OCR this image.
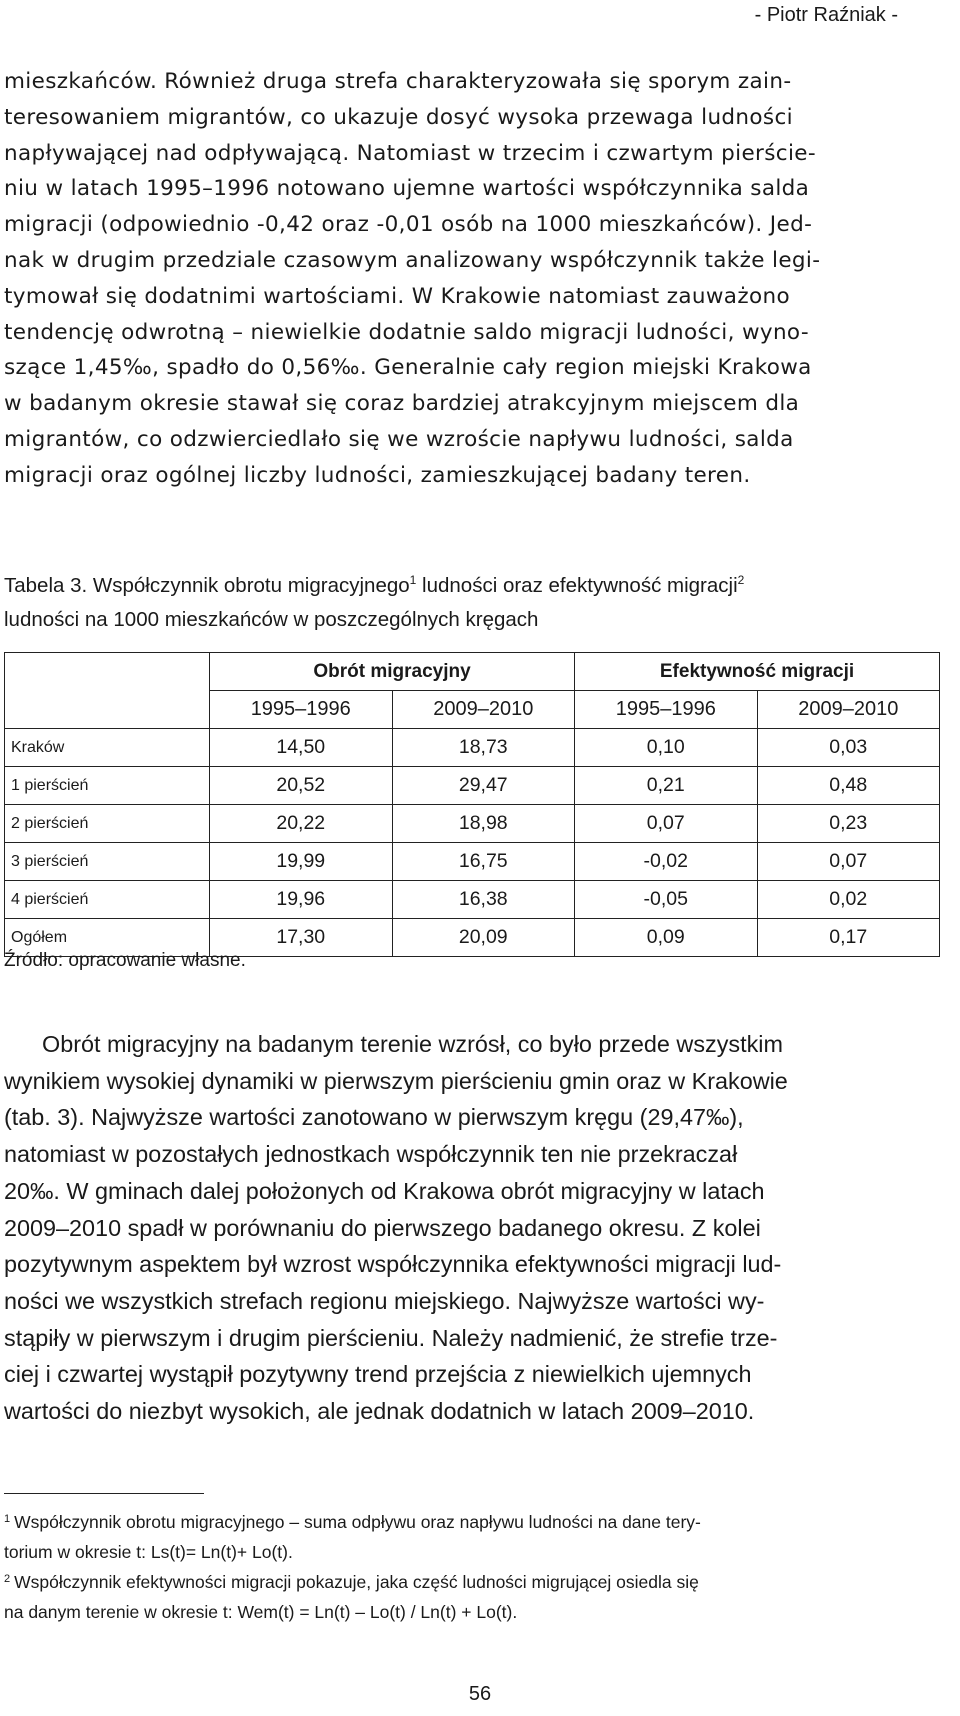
- Piotr Raźniak -
mieszkańców. Również druga strefa charakteryzowała się sporym zain-
teresowaniem migrantów, co ukazuje dosyć wysoka przewaga ludności
napływającej nad odpływającą. Natomiast w trzecim i czwartym pierście-
niu w latach 1995–1996 notowano ujemne wartości współczynnika salda
migracji (odpowiednio -0,42 oraz -0,01 osób na 1000 mieszkańców). Jed-
nak w drugim przedziale czasowym analizowany współczynnik także legi-
tymował się dodatnimi wartościami. W Krakowie natomiast zauważono
tendencję odwrotną – niewielkie dodatnie saldo migracji ludności, wyno-
szące 1,45‰, spadło do 0,56‰. Generalnie cały region miejski Krakowa
w badanym okresie stawał się coraz bardziej atrakcyjnym miejscem dla
migrantów, co odzwierciedlało się we wzroście napływu ludności, salda
migracji oraz ogólnej liczby ludności, zamieszkującej badany teren.
Tabela 3. Współczynnik obrotu migracyjnego$^1$ ludności oraz efektywność migracji$^2$
ludności na 1000 mieszkańców w poszczególnych kręgach
	Obrót migracyjny		Efektywność migracji	
	1995–1996	2009–2010	1995–1996	2009–2010
Kraków	14,50	18,73	0,10	0,03
1 pierścień	20,52	29,47	0,21	0,48
2 pierścień	20,22	18,98	0,07	0,23
3 pierścień	19,99	16,75	-0,02	0,07
4 pierścień	19,96	16,38	-0,05	0,02
Ogółem	17,30	20,09	0,09	0,17
Źródło: opracowanie własne.
Obrót migracyjny na badanym terenie wzrósł, co było przede wszystkim
wynikiem wysokiej dynamiki w pierwszym pierścieniu gmin oraz w Krakowie
(tab. 3). Najwyższe wartości zanotowano w pierwszym kręgu (29,47‰),
natomiast w pozostałych jednostkach współczynnik ten nie przekraczał
20‰. W gminach dalej położonych od Krakowa obrót migracyjny w latach
2009–2010 spadł w porównaniu do pierwszego badanego okresu. Z kolei
pozytywnym aspektem był wzrost współczynnika efektywności migracji lud-
ności we wszystkich strefach regionu miejskiego. Najwyższe wartości wy-
stąpiły w pierwszym i drugim pierścieniu. Należy nadmienić, że strefie trze-
ciej i czwartej wystąpił pozytywny trend przejścia z niewielkich ujemnych
wartości do niezbyt wysokich, ale jednak dodatnich w latach 2009–2010.
$^1$ Współczynnik obrotu migracyjnego – suma odpływu oraz napływu ludności na dane tery-
torium w okresie t: Ls(t)= Ln(t)+ Lo(t).
$^2$ Współczynnik efektywności migracji pokazuje, jaka część ludności migrującej osiedla się
na danym terenie w okresie t: Wem(t) = Ln(t) – Lo(t) / Ln(t) + Lo(t).
56
